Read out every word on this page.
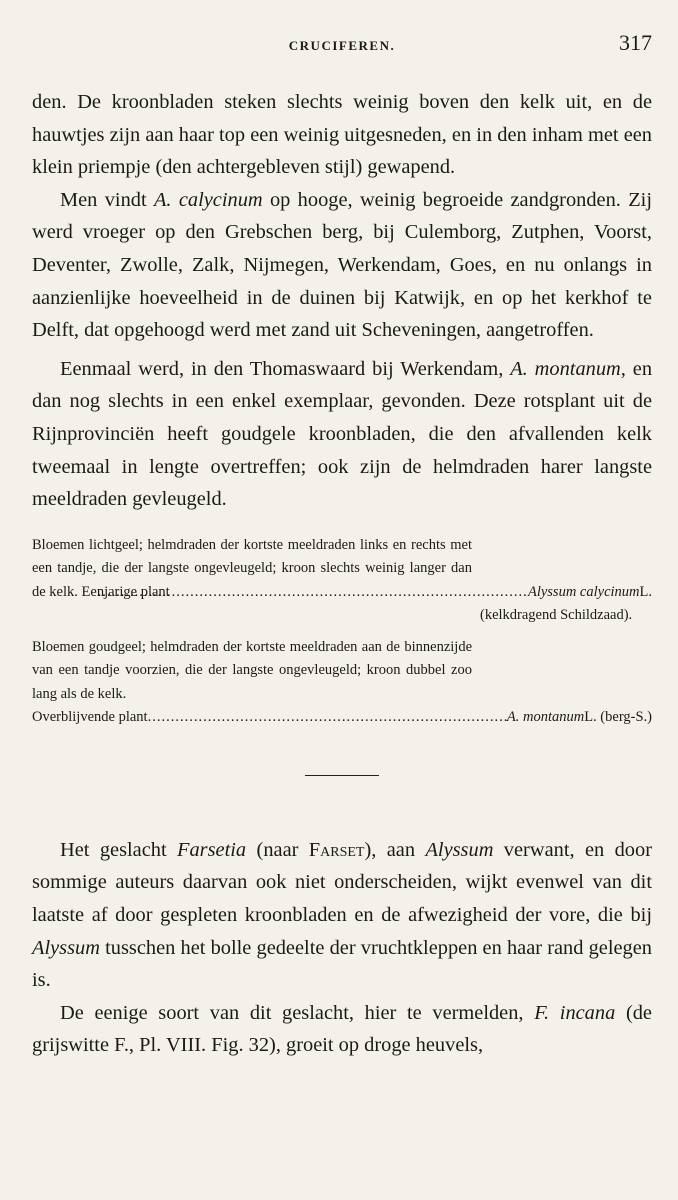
CRUCIFEREN.	317

den. De kroonbladen steken slechts weinig boven den kelk uit, en de hauwtjes zijn aan haar top een weinig uitgesneden, en in den inham met een klein priempje (den achtergebleven stijl) gewapend.

Men vindt A. calycinum op hooge, weinig begroeide zandgronden. Zij werd vroeger op den Grebschen berg, bij Culemborg, Zutphen, Voorst, Deventer, Zwolle, Zalk, Nijmegen, Werkendam, Goes, en nu onlangs in aanzienlijke hoeveelheid in de duinen bij Katwijk, en op het kerkhof te Delft, dat opgehoogd werd met zand uit Scheveningen, aangetroffen.

Eenmaal werd, in den Thomaswaard bij Werkendam, A. montanum, en dan nog slechts in een enkel exemplaar, gevonden. Deze rotsplant uit de Rijnprovinciën heeft goudgele kroonbladen, die den afvallenden kelk tweemaal in lengte overtreffen; ook zijn de helmdraden harer langste meeldraden gevleugeld.

Bloemen lichtgeel; helmdraden der kortste meeldraden links en rechts met een tandje, die der langste ongevleugeld; kroon slechts weinig langer dan de kelk. Eenjarige plant .....	Alyssum calycinum L.
(kelkdragend Schildzaad).
Bloemen goudgeel; helmdraden der kortste meeldraden aan de binnenzijde van een tandje voorzien, die der langste ongevleugeld; kroon dubbel zoo lang als de kelk.
Overblijvende plant .....	A. montanum L. (berg-S.)

Het geslacht Farsetia (naar Farset), aan Alyssum verwant, en door sommige auteurs daarvan ook niet onderscheiden, wijkt evenwel van dit laatste af door gespleten kroonbladen en de afwezigheid der vore, die bij Alyssum tusschen het bolle gedeelte der vruchtkleppen en haar rand gelegen is.

De eenige soort van dit geslacht, hier te vermelden, F. incana (de grijswitte F., Pl. VIII. Fig. 32), groeit op droge heuvels,
